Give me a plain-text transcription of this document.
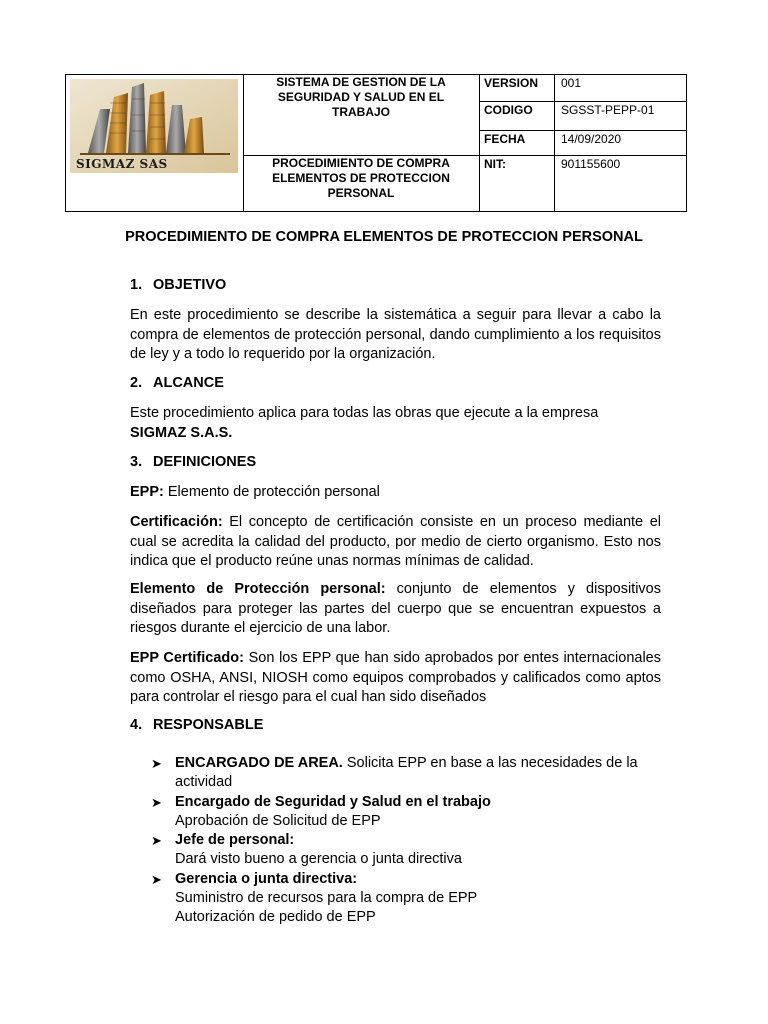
SIGMAZ SAS
SISTEMA DE GESTION DE LA SEGURIDAD Y SALUD EN EL TRABAJO
PROCEDIMIENTO DE COMPRA ELEMENTOS DE PROTECCION PERSONAL
VERSION 001
CODIGO SGSST-PEPP-01
FECHA	14/09/2020
NIT:	901155600
PROCEDIMIENTO DE COMPRA ELEMENTOS DE PROTECCION PERSONAL
1. OBJETIVO
En este procedimiento se describe la sistemática a seguir para llevar a cabo la compra de elementos de protección personal, dando cumplimiento a los requisitos de ley y a todo lo requerido por la organización.
2. ALCANCE
Este procedimiento aplica para todas las obras que ejecute a la empresa
SIGMAZ S.A.S.
3. DEFINICIONES
EPP: Elemento de protección personal
Certificación: El concepto de certificación consiste en un proceso mediante el cual se acredita la calidad del producto, por medio de cierto organismo. Esto nos indica que el producto reúne unas normas mínimas de calidad.
Elemento de Protección personal: conjunto de elementos y dispositivos diseñados para proteger las partes del cuerpo que se encuentran expuestos a riesgos durante el ejercicio de una labor.
EPP Certificado: Son los EPP que han sido aprobados por entes internacionales como OSHA, ANSI, NIOSH como equipos comprobados y calificados como aptos para controlar el riesgo para el cual han sido diseñados
4. RESPONSABLE
➤ ENCARGADO DE AREA. Solicita EPP en base a las necesidades de la actividad
➤ Encargado de Seguridad y Salud en el trabajo
Aprobación de Solicitud de EPP
➤ Jefe de personal:
Dará visto bueno a gerencia o junta directiva
➤ Gerencia o junta directiva:
Suministro de recursos para la compra de EPP
Autorización de pedido de EPP
